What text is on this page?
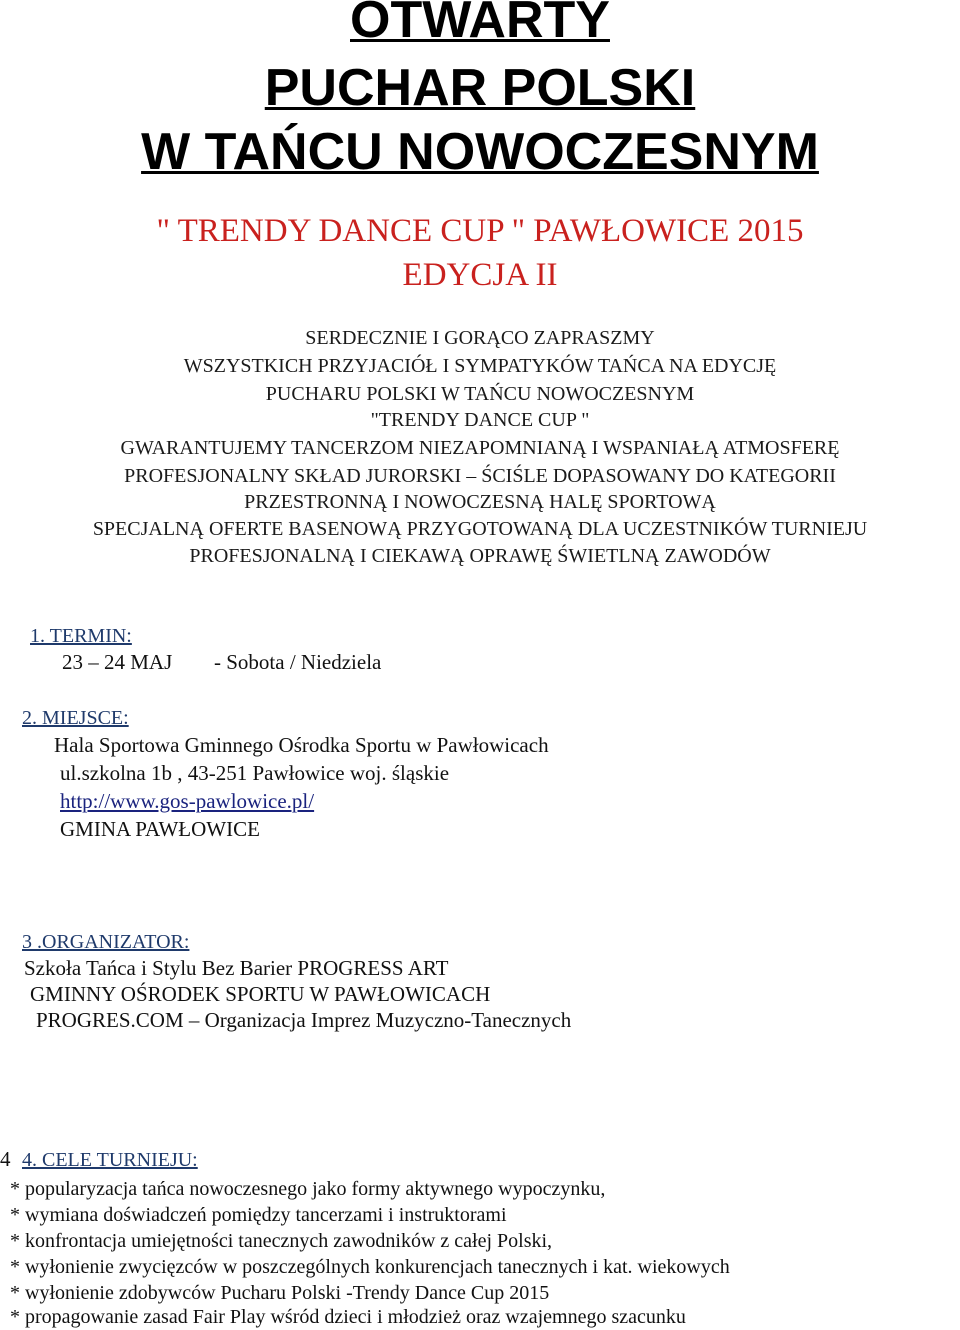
OTWARTY
PUCHAR POLSKI
W TAŃCU NOWOCZESNYM
" TRENDY DANCE CUP " PAWŁOWICE 2015
EDYCJA II
SERDECZNIE I GORĄCO ZAPRASZMY
WSZYSTKICH PRZYJACIÓŁ I SYMPATYKÓW TAŃCA NA EDYCJĘ
PUCHARU POLSKI W TAŃCU NOWOCZESNYM
"TRENDY DANCE CUP "
GWARANTUJEMY TANCERZOM NIEZAPOMNIANĄ I WSPANIAŁĄ ATMOSFERĘ
PROFESJONALNY SKŁAD JURORSKI – ŚCIŚLE DOPASOWANY DO KATEGORII
PRZESTRONNĄ I NOWOCZESNĄ HALĘ SPORTOWĄ
SPECJALNĄ OFERTE BASENOWĄ PRZYGOTOWANĄ DLA UCZESTNIKÓW TURNIEJU
PROFESJONALNĄ I CIEKAWĄ OPRAWĘ ŚWIETLNĄ ZAWODÓW
1. TERMIN:
23 – 24 MAJ - Sobota / Niedziela
2. MIEJSCE:
Hala Sportowa Gminnego Ośrodka Sportu w Pawłowicach
ul.szkolna 1b , 43-251 Pawłowice woj. śląskie
http://www.gos-pawlowice.pl/
GMINA PAWŁOWICE
3 .ORGANIZATOR:
Szkoła Tańca i Stylu Bez Barier PROGRESS ART
GMINNY OŚRODEK SPORTU W PAWŁOWICACH
PROGRES.COM – Organizacja Imprez Muzyczno-Tanecznych
4 4. CELE TURNIEJU:
* popularyzacja tańca nowoczesnego jako formy aktywnego wypoczynku,
* wymiana doświadczeń pomiędzy tancerzami i instruktorami
* konfrontacja umiejętności tanecznych zawodników z całej Polski,
* wyłonienie zwycięzców w poszczególnych konkurencjach tanecznych i kat. wiekowych
* wyłonienie zdobywców Pucharu Polski -Trendy Dance Cup 2015
* propagowanie zasad Fair Play wśród dzieci i młodzież oraz wzajemnego szacunku
